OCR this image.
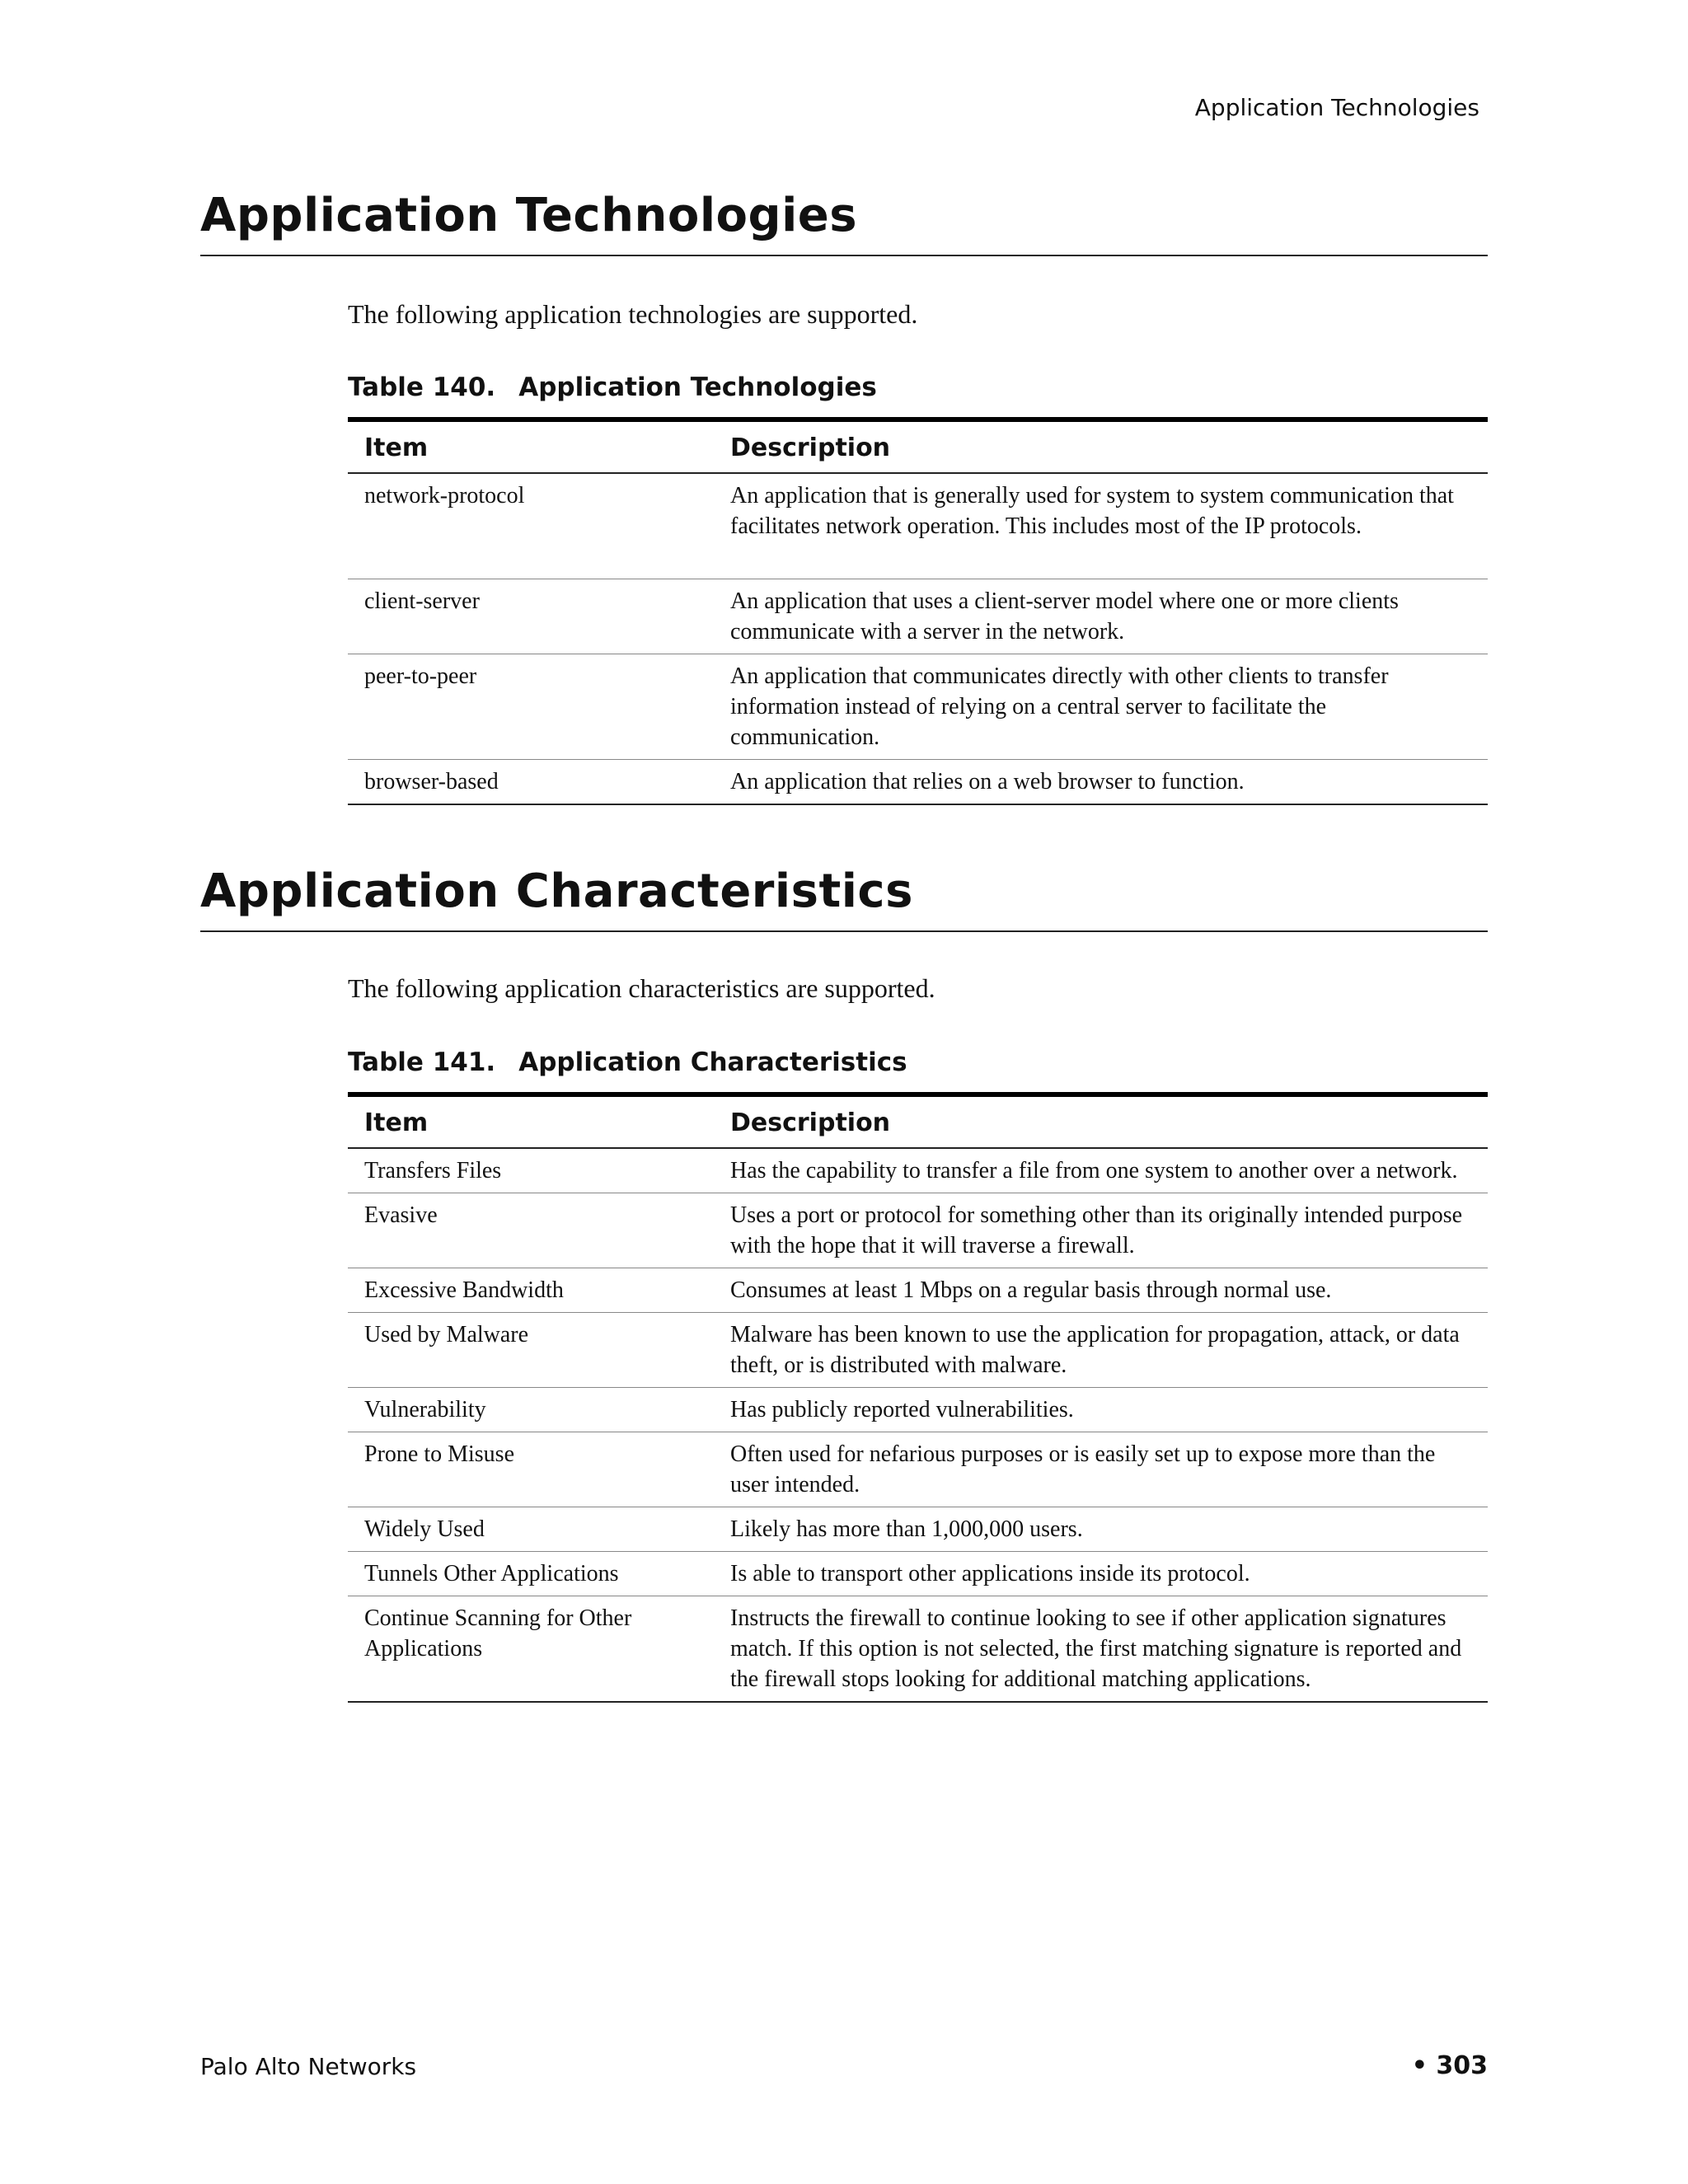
Application Technologies
Application Technologies

The following application technologies are supported.

Table 140. Application Technologies
Item	Description
network-protocol	An application that is generally used for system to system communication that facilitates network operation. This includes most of the IP protocols.
client-server	An application that uses a client-server model where one or more clients communicate with a server in the network.
peer-to-peer	An application that communicates directly with other clients to transfer information instead of relying on a central server to facilitate the communication.
browser-based	An application that relies on a web browser to function.
Application Characteristics

The following application characteristics are supported.

Table 141. Application Characteristics
Item	Description
Transfers Files	Has the capability to transfer a file from one system to another over a network.
Evasive	Uses a port or protocol for something other than its originally intended purpose with the hope that it will traverse a firewall.
Excessive Bandwidth	Consumes at least 1 Mbps on a regular basis through normal use.
Used by Malware	Malware has been known to use the application for propagation, attack, or data theft, or is distributed with malware.
Vulnerability	Has publicly reported vulnerabilities.
Prone to Misuse	Often used for nefarious purposes or is easily set up to expose more than the user intended.
Widely Used	Likely has more than 1,000,000 users.
Tunnels Other Applications	Is able to transport other applications inside its protocol.
Continue Scanning for Other Applications	Instructs the firewall to continue looking to see if other application signatures match. If this option is not selected, the first matching signature is reported and the firewall stops looking for additional matching applications.
Palo Alto Networks	• 303
